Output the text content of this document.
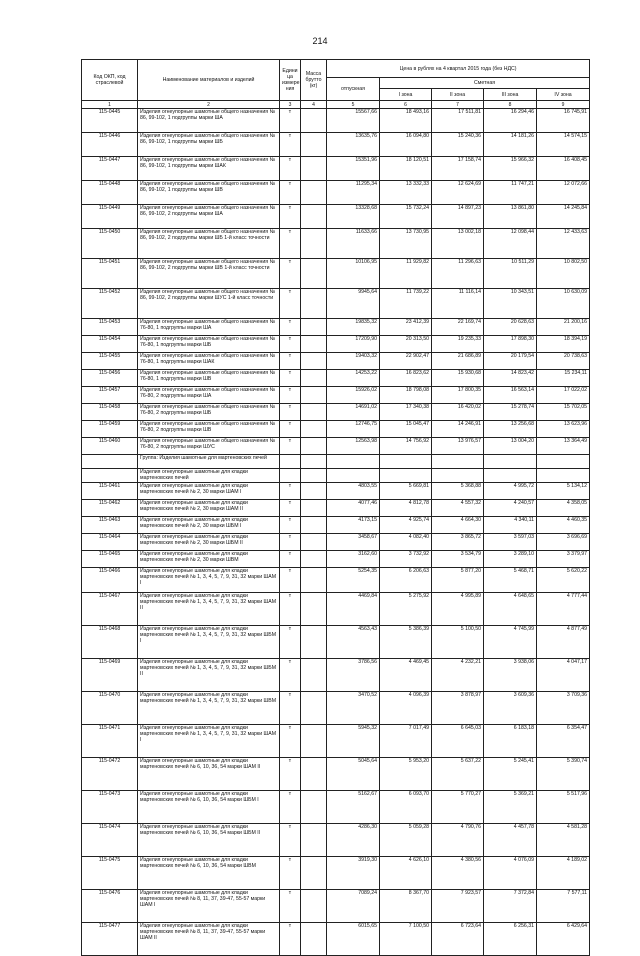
214
Код ОКП, код страслевой	Наименование материалов и изделий	Едини ца измере ния	Масса брутто (кг)	Цена в рублях на 4 квартал 2015 года (без НДС)				
				отпускная	Сметная			
					I зона	II зона	III зона	IV зона
1	2	3	4	5	6	7	8	9
115-0445	Изделия огнеупорные шамотные общего назначения № 86, 99-102, 1 подгруппы марки ША	т		15567,66	18 493,16	17 511,81	16 294,46	16 745,91
115-0446	Изделия огнеупорные шамотные общего назначения № 86, 99-102, 1 подгруппы марки ШБ	т		13635,76	16 094,80	15 240,36	14 181,26	14 574,15
115-0447	Изделия огнеупорные шамотные общего назначения № 86, 99-102, 1 подгруппы марки ШАК	т		15351,96	18 120,51	17 158,74	15 966,32	16 408,45
115-0448	Изделия огнеупорные шамотные общего назначения № 86, 99-102, 1 подгруппы марки ШВ	т		11295,34	13 332,33	12 624,69	11 747,21	12 072,66
115-0449	Изделия огнеупорные шамотные общего назначения № 86, 99-102, 2 подгруппы марки ША	т		13328,68	15 732,24	14 897,23	13 861,80	14 245,84
115-0450	Изделия огнеупорные шамотные общего назначения № 86, 99-102, 2 подгруппы марки ШБ 1-й класс точности	т		11633,66	13 730,95	13 002,18	12 098,44	12 433,63
115-0451	Изделия огнеупорные шамотные общего назначения № 86, 99-102, 2 подгруппы марки ШВ 1-й класс точности	т		10106,95	11 929,82	11 296,63	10 511,29	10 802,50
115-0452	Изделия огнеупорные шамотные общего назначения № 86, 99-102, 2 подгруппы марки ШУС 1-й класс точности	т		9945,64	11 739,22	11 116,14	10 343,51	10 630,09
115-0453	Изделия огнеупорные шамотные общего назначения № 76-80, 1 подгруппы марки ША	т		19835,32	23 412,39	22 169,74	20 628,63	21 200,16
115-0454	Изделия огнеупорные шамотные общего назначения № 76-80, 1 подгруппы марки ШБ	т		17209,90	20 313,50	19 235,33	17 898,30	18 394,19
115-0455	Изделия огнеупорные шамотные общего назначения № 76-80, 1 подгруппы марки ШАК	т		19403,32	22 902,47	21 686,89	20 179,54	20 738,63
115-0456	Изделия огнеупорные шамотные общего назначения № 76-80, 1 подгруппы марки ШВ	т		14253,22	16 823,62	15 930,68	14 823,42	15 234,11
115-0457	Изделия огнеупорные шамотные общего назначения № 76-80, 2 подгруппы марки ША	т		15926,02	18 798,08	17 800,35	16 563,14	17 022,02
115-0458	Изделия огнеупорные шамотные общего назначения № 76-80, 2 подгруппы марки ШБ	т		14691,02	17 340,38	16 420,02	15 278,74	15 702,05
115-0459	Изделия огнеупорные шамотные общего назначения № 76-80, 2 подгруппы марки ШВ	т		12746,75	15 045,47	14 246,91	13 256,68	13 623,96
115-0460	Изделия огнеупорные шамотные общего назначения № 76-80, 2 подгруппы марки ШУС	т		12563,98	14 756,92	13 976,57	13 004,20	13 364,49
	Группа: Изделия шамотные для мартеновских печей							
	Изделия огнеупорные шамотные для кладки мартеновских печей							
115-0461	Изделия огнеупорные шамотные для кладки мартеновских печей № 2, 30 марки ШАМ I	т		4803,55	5 669,81	5 368,88	4 995,72	5 134,12
115-0462	Изделия огнеупорные шамотные для кладки мартеновских печей № 2, 30 марки ШАМ II	т		4077,46	4 812,78	4 557,32	4 240,57	4 358,05
115-0463	Изделия огнеупорные шамотные для кладки мартеновских печей № 2, 30 марки ШБМ I	т		4173,15	4 925,74	4 664,30	4 340,11	4 460,35
115-0464	Изделия огнеупорные шамотные для кладки мартеновских печей № 2, 30 марки ШБМ II	т		3458,67	4 082,40	3 865,72	3 597,03	3 696,69
115-0465	Изделия огнеупорные шамотные для кладки мартеновских печей № 2, 30 марки ШВМ	т		3162,60	3 732,92	3 534,79	3 289,10	3 379,97
115-0466	Изделия огнеупорные шамотные для кладки мартеновских печей № 1, 3, 4, 5, 7, 9, 31, 32 марки ШАМ I	т		5254,35	6 206,63	5 877,20	5 468,71	5 620,22
115-0467	Изделия огнеупорные шамотные для кладки мартеновских печей № 1, 3, 4, 5, 7, 9, 31, 32 марки ШАМ II	т		4469,84	5 275,92	4 995,89	4 648,65	4 777,44
115-0468	Изделия огнеупорные шамотные для кладки мартеновских печей № 1, 3, 4, 5, 7, 9, 31, 32 марки ШБМ I	т		4563,43	5 386,39	5 100,50	4 745,99	4 877,49
115-0469	Изделия огнеупорные шамотные для кладки мартеновских печей № 1, 3, 4, 5, 7, 9, 31, 32 марки ШБМ II	т		3786,56	4 469,45	4 232,21	3 938,06	4 047,17
115-0470	Изделия огнеупорные шамотные для кладки мартеновских печей № 1, 3, 4, 5, 7, 9, 31, 32 марки ШВМ	т		3470,52	4 096,39	3 878,97	3 609,36	3 709,36
115-0471	Изделия огнеупорные шамотные для кладки мартеновских печей № 1, 3, 4, 5, 7, 9, 31, 32 марки ШАМ I	т		5945,32	7 017,49	6 645,03	6 183,18	6 354,47
115-0472	Изделия огнеупорные шамотные для кладки мартеновских печей № 6, 10, 36, 54 марки ШАМ II	т		5045,64	5 953,20	5 637,22	5 245,41	5 390,74
115-0473	Изделия огнеупорные шамотные для кладки мартеновских печей № 6, 10, 36, 54 марки ШБМ I	т		5162,67	6 093,70	5 770,27	5 369,21	5 517,96
115-0474	Изделия огнеупорные шамотные для кладки мартеновских печей № 6, 10, 36, 54 марки ШБМ II	т		4286,30	5 059,28	4 790,76	4 457,78	4 581,28
115-0475	Изделия огнеупорные шамотные для кладки мартеновских печей № 6, 10, 36, 54 марки ШВМ	т		3919,30	4 626,10	4 380,56	4 076,09	4 189,02
115-0476	Изделия огнеупорные шамотные для кладки мартеновских печей № 8, 11, 37, 39-47, 55-57 марки ШАМ I	т		7089,24	8 367,70	7 923,57	7 372,84	7 577,11
115-0477	Изделия огнеупорные шамотные для кладки мартеновских печей № 8, 11, 37, 39-47, 55-57 марки ШАМ II	т		6015,65	7 100,50	6 723,64	6 256,31	6 429,64
